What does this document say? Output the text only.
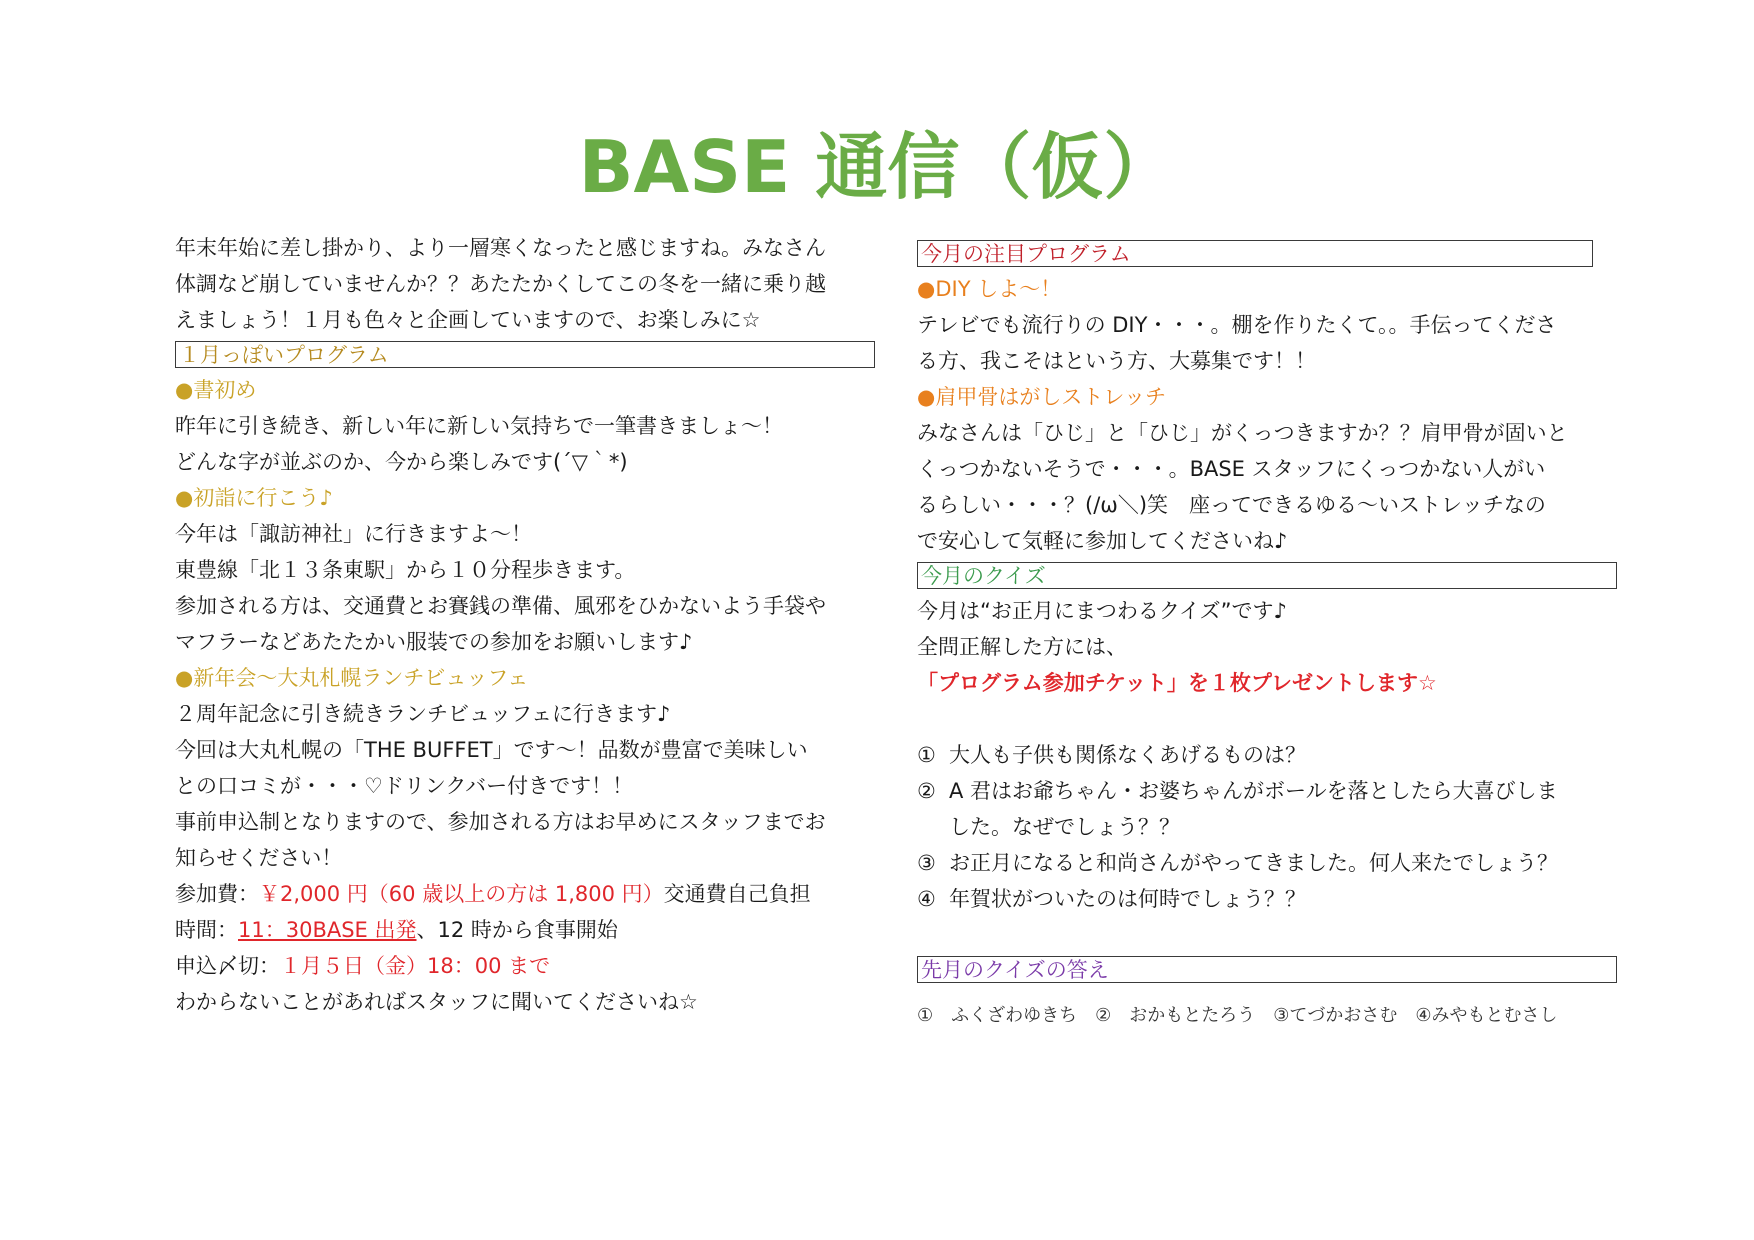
BASE 通信（仮）

年末年始に差し掛かり、より一層寒くなったと感じますね。みなさん

体調など崩していませんか？？あたたかくしてこの冬を一緒に乗り越

えましょう！１月も色々と企画していますので、お楽しみに☆

１月っぽいプログラム

●書初め

昨年に引き続き、新しい年に新しい気持ちで一筆書きましょ～！

どんな字が並ぶのか、今から楽しみです(´▽｀*)

●初詣に行こう♪

今年は「諏訪神社」に行きますよ～！

東豊線「北１３条東駅」から１０分程歩きます。

参加される方は、交通費とお賽銭の準備、風邪をひかないよう手袋や

マフラーなどあたたかい服装での参加をお願いします♪

●新年会～大丸札幌ランチビュッフェ

２周年記念に引き続きランチビュッフェに行きます♪

今回は大丸札幌の「THE BUFFET」です～！品数が豊富で美味しい

との口コミが・・・♡ドリンクバー付きです！！

事前申込制となりますので、参加される方はお早めにスタッフまでお

知らせください！

参加費：￥2,000 円（60 歳以上の方は 1,800 円）交通費自己負担

時間：11：30BASE 出発、12 時から食事開始

申込〆切：１月５日（金）18：00 まで

わからないことがあればスタッフに聞いてくださいね☆

今月の注目プログラム

●DIY しよ～！

テレビでも流行りの DIY・・・。棚を作りたくて。。手伝ってくださ

る方、我こそはという方、大募集です！！

●肩甲骨はがしストレッチ

みなさんは「ひじ」と「ひじ」がくっつきますか？？肩甲骨が固いと

くっつかないそうで・・・。BASE スタッフにくっつかない人がい

るらしい・・・？(/ω＼)笑　座ってできるゆる～いストレッチなの

で安心して気軽に参加してくださいね♪

今月のクイズ

今月は“お正月にまつわるクイズ”です♪

全問正解した方には、

「プログラム参加チケット」を１枚プレゼントします☆

① 大人も子供も関係なくあげるものは？
② A 君はお爺ちゃん・お婆ちゃんがボールを落としたら大喜びしま
した。なぜでしょう？？
③ お正月になると和尚さんがやってきました。何人来たでしょう？
④ 年賀状がついたのは何時でしょう？？
先月のクイズの答え

①　ふくざわゆきち　②　おかもとたろう　③てづかおさむ　④みやもとむさし
